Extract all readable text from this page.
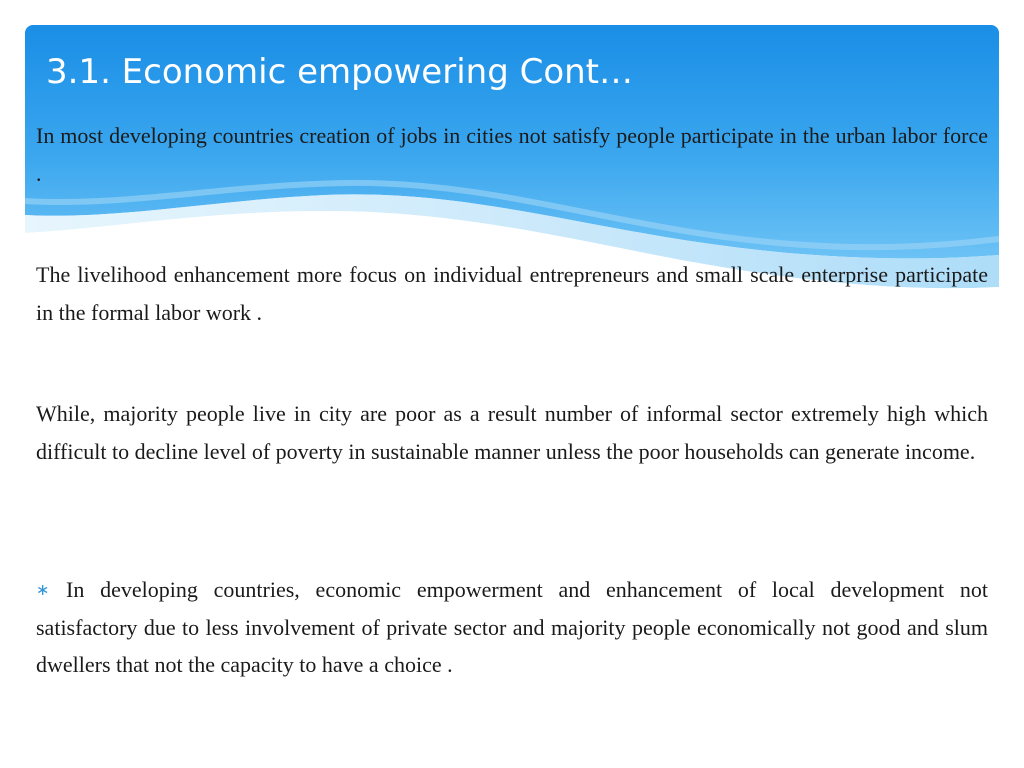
3.1. Economic empowering Cont…

In most developing countries creation of jobs in cities not satisfy people participate in the urban labor force .

The livelihood enhancement more focus on individual entrepreneurs and small scale enterprise participate in the formal labor work .

While, majority people live in city are poor as a result number of informal sector extremely high which difficult to decline level of poverty in sustainable manner unless the poor households can generate income.

∗ In developing countries, economic empowerment and enhancement of local development not satisfactory due to less involvement of private sector and majority people economically not good and slum dwellers that not the capacity to have a choice .
